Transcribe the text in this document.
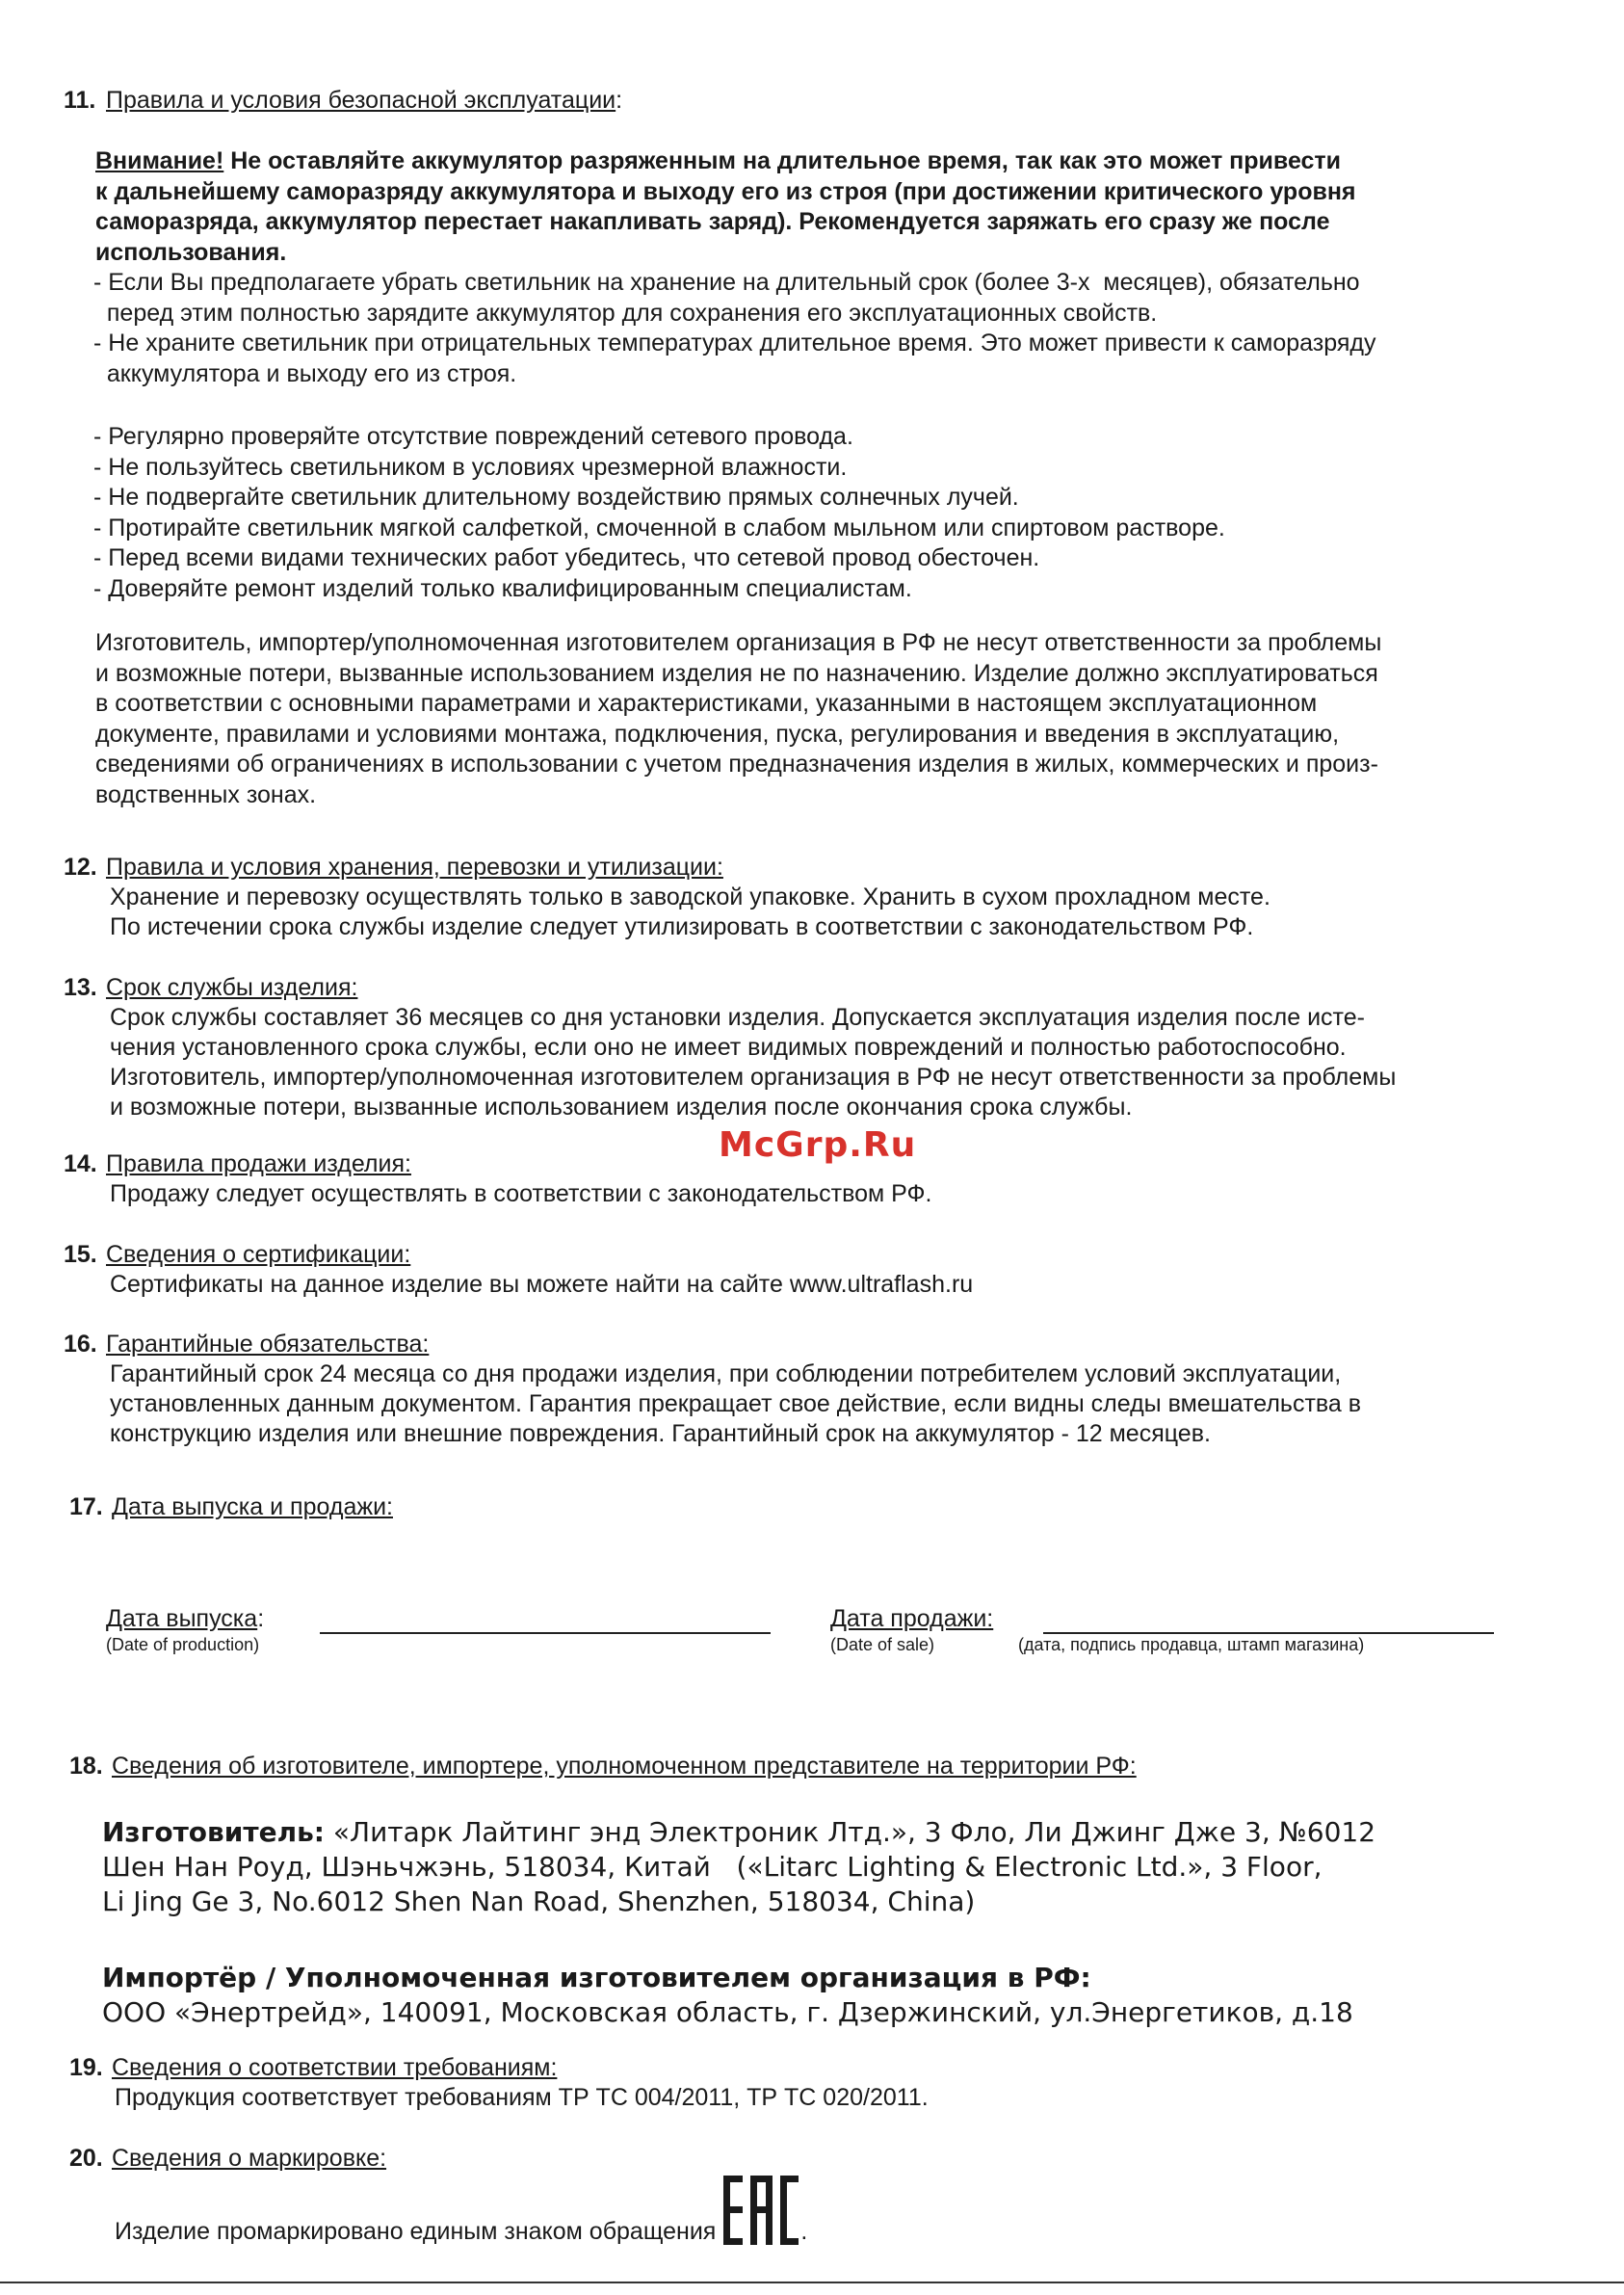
11. Правила и условия безопасной эксплуатации:
Внимание! Не оставляйте аккумулятор разряженным на длительное время, так как это может привести
к дальнейшему саморазряду аккумулятора и выходу его из строя (при достижении критического уровня
саморазряда, аккумулятор перестает накапливать заряд). Рекомендуется заряжать его сразу же после
использования.
- Если Вы предполагаете убрать светильник на хранение на длительный срок (более 3-х  месяцев), обязательно
перед этим полностью зарядите аккумулятор для сохранения его эксплуатационных свойств.
- Не храните светильник при отрицательных температурах длительное время. Это может привести к саморазряду
аккумулятора и выходу его из строя.
- Регулярно проверяйте отсутствие повреждений сетевого провода.
- Не пользуйтесь светильником в условиях чрезмерной влажности.
- Не подвергайте светильник длительному воздействию прямых солнечных лучей.
- Протирайте светильник мягкой салфеткой, смоченной в слабом мыльном или спиртовом растворе.
- Перед всеми видами технических работ убедитесь, что сетевой провод обесточен.
- Доверяйте ремонт изделий только квалифицированным специалистам.
Изготовитель, импортер/уполномоченная изготовителем организация в РФ не несут ответственности за проблемы
и возможные потери, вызванные использованием изделия не по назначению. Изделие должно эксплуатироваться
в соответствии с основными параметрами и характеристиками, указанными в настоящем эксплуатационном
документе, правилами и условиями монтажа, подключения, пуска, регулирования и введения в эксплуатацию,
сведениями об ограничениях в использовании с учетом предназначения изделия в жилых, коммерческих и произ-
водственных зонах.
12. Правила и условия хранения, перевозки и утилизации:
Хранение и перевозку осуществлять только в заводской упаковке. Хранить в сухом прохладном месте.
По истечении срока службы изделие следует утилизировать в соответствии с законодательством РФ.
13. Срок службы изделия:
Срок службы составляет 36 месяцев со дня установки изделия. Допускается эксплуатация изделия после исте-
чения установленного срока службы, если оно не имеет видимых повреждений и полностью работоспособно.
Изготовитель, импортер/уполномоченная изготовителем организация в РФ не несут ответственности за проблемы
и возможные потери, вызванные использованием изделия после окончания срока службы.
McGrp.Ru
14. Правила продажи изделия:
Продажу следует осуществлять в соответствии с законодательством РФ.
15. Сведения о сертификации:
Сертификаты на данное изделие вы можете найти на сайте www.ultraflash.ru
16. Гарантийные обязательства:
Гарантийный срок 24 месяца со дня продажи изделия, при соблюдении потребителем условий эксплуатации,
установленных данным документом. Гарантия прекращает свое действие, если видны следы вмешательства в
конструкцию изделия или внешние повреждения. Гарантийный срок на аккумулятор - 12 месяцев.
17. Дата выпуска и продажи:
Дата выпуска:
(Date of production)
Дата продажи:
(Date of sale)	(дата, подпись продавца, штамп магазина)
18. Сведения об изготовителе, импортере, уполномоченном представителе на территории РФ:
Изготовитель: «Литарк Лайтинг энд Электроник Лтд.», 3 Фло, Ли Джинг Дже 3, №6012
Шен Нан Роуд, Шэньчжэнь, 518034, Китай   («Litarc Lighting & Electronic Ltd.», 3 Floor,
Li Jing Ge 3, No.6012 Shen Nan Road, Shenzhen, 518034, China)
Импортёр / Уполномоченная изготовителем организация в РФ:
ООО «Энертрейд», 140091, Московская область, г. Дзержинский, ул.Энергетиков, д.18
19. Сведения о соответствии требованиям:
Продукция соответствует требованиям ТР ТС 004/2011, ТР ТС 020/2011.
20. Сведения о маркировке:
Изделие промаркировано единым знаком обращения	.
